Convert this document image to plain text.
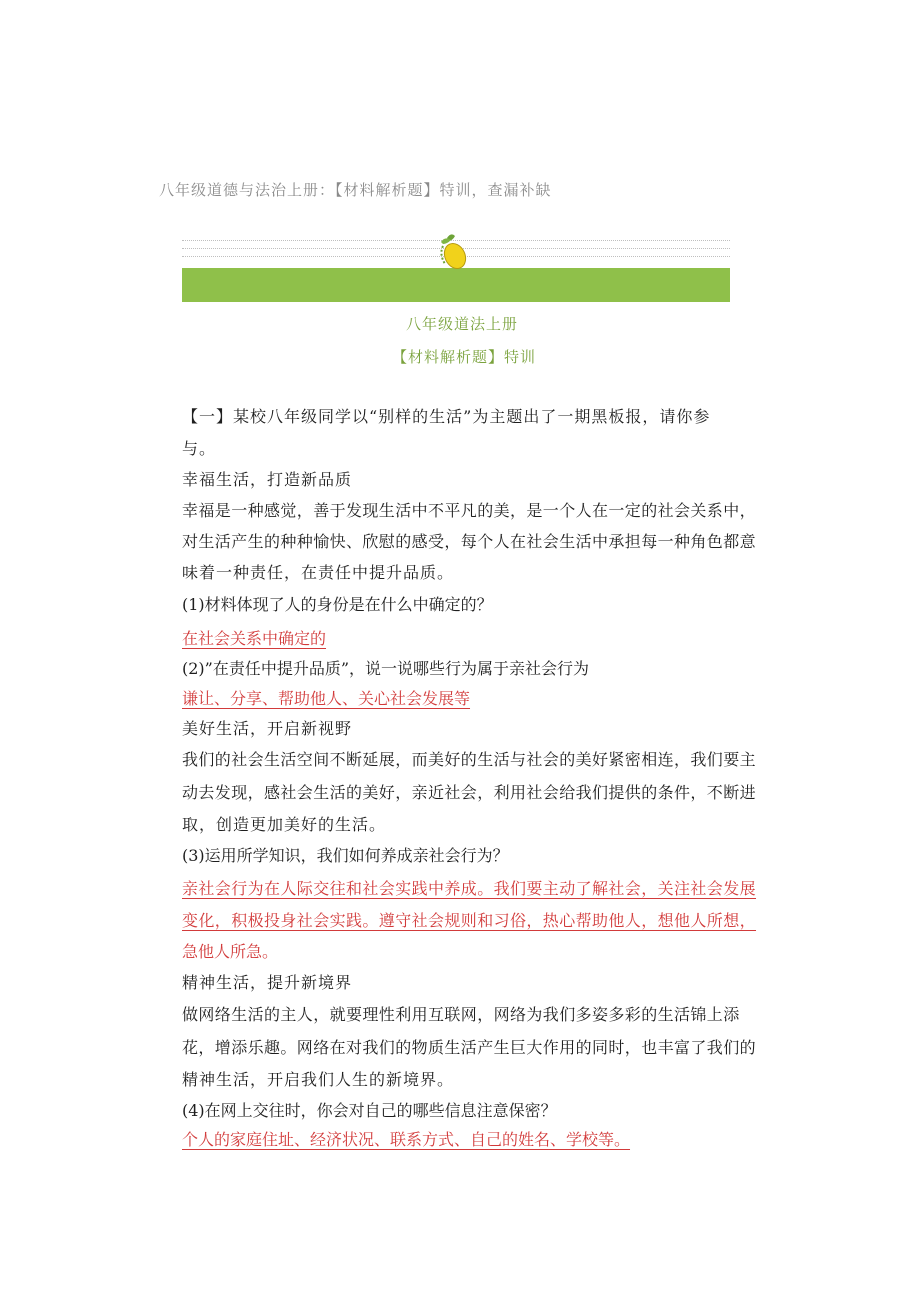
八年级道德与法治上册：【材料解析题】特训，查漏补缺
八年级道法上册
【材料解析题】特训
【一】某校八年级同学以“别样的生活”为主题出了一期黑板报，请你参
与。
幸福生活，打造新品质
幸福是一种感觉，善于发现生活中不平凡的美，是一个人在一定的社会关系中，
对生活产生的种种愉快、欣慰的感受，每个人在社会生活中承担每一种角色都意
味着一种责任，在责任中提升品质。
(1)材料体现了人的身份是在什么中确定的？
在社会关系中确定的
(2)”在责任中提升品质”，说一说哪些行为属于亲社会行为
谦让、分享、帮助他人、关心社会发展等
美好生活，开启新视野
我们的社会生活空间不断延展，而美好的生活与社会的美好紧密相连，我们要主
动去发现，感社会生活的美好，亲近社会，利用社会给我们提供的条件，不断进
取，创造更加美好的生活。
(3)运用所学知识，我们如何养成亲社会行为？
亲社会行为在人际交往和社会实践中养成。我们要主动了解社会，关注社会发展
变化，积极投身社会实践。遵守社会规则和习俗，热心帮助他人，想他人所想，
急他人所急。
精神生活，提升新境界
做网络生活的主人，就要理性利用互联网，网络为我们多姿多彩的生活锦上添
花，增添乐趣。网络在对我们的物质生活产生巨大作用的同时，也丰富了我们的
精神生活，开启我们人生的新境界。
(4)在网上交往时，你会对自己的哪些信息注意保密？
个人的家庭住址、经济状况、联系方式、自己的姓名、学校等。
